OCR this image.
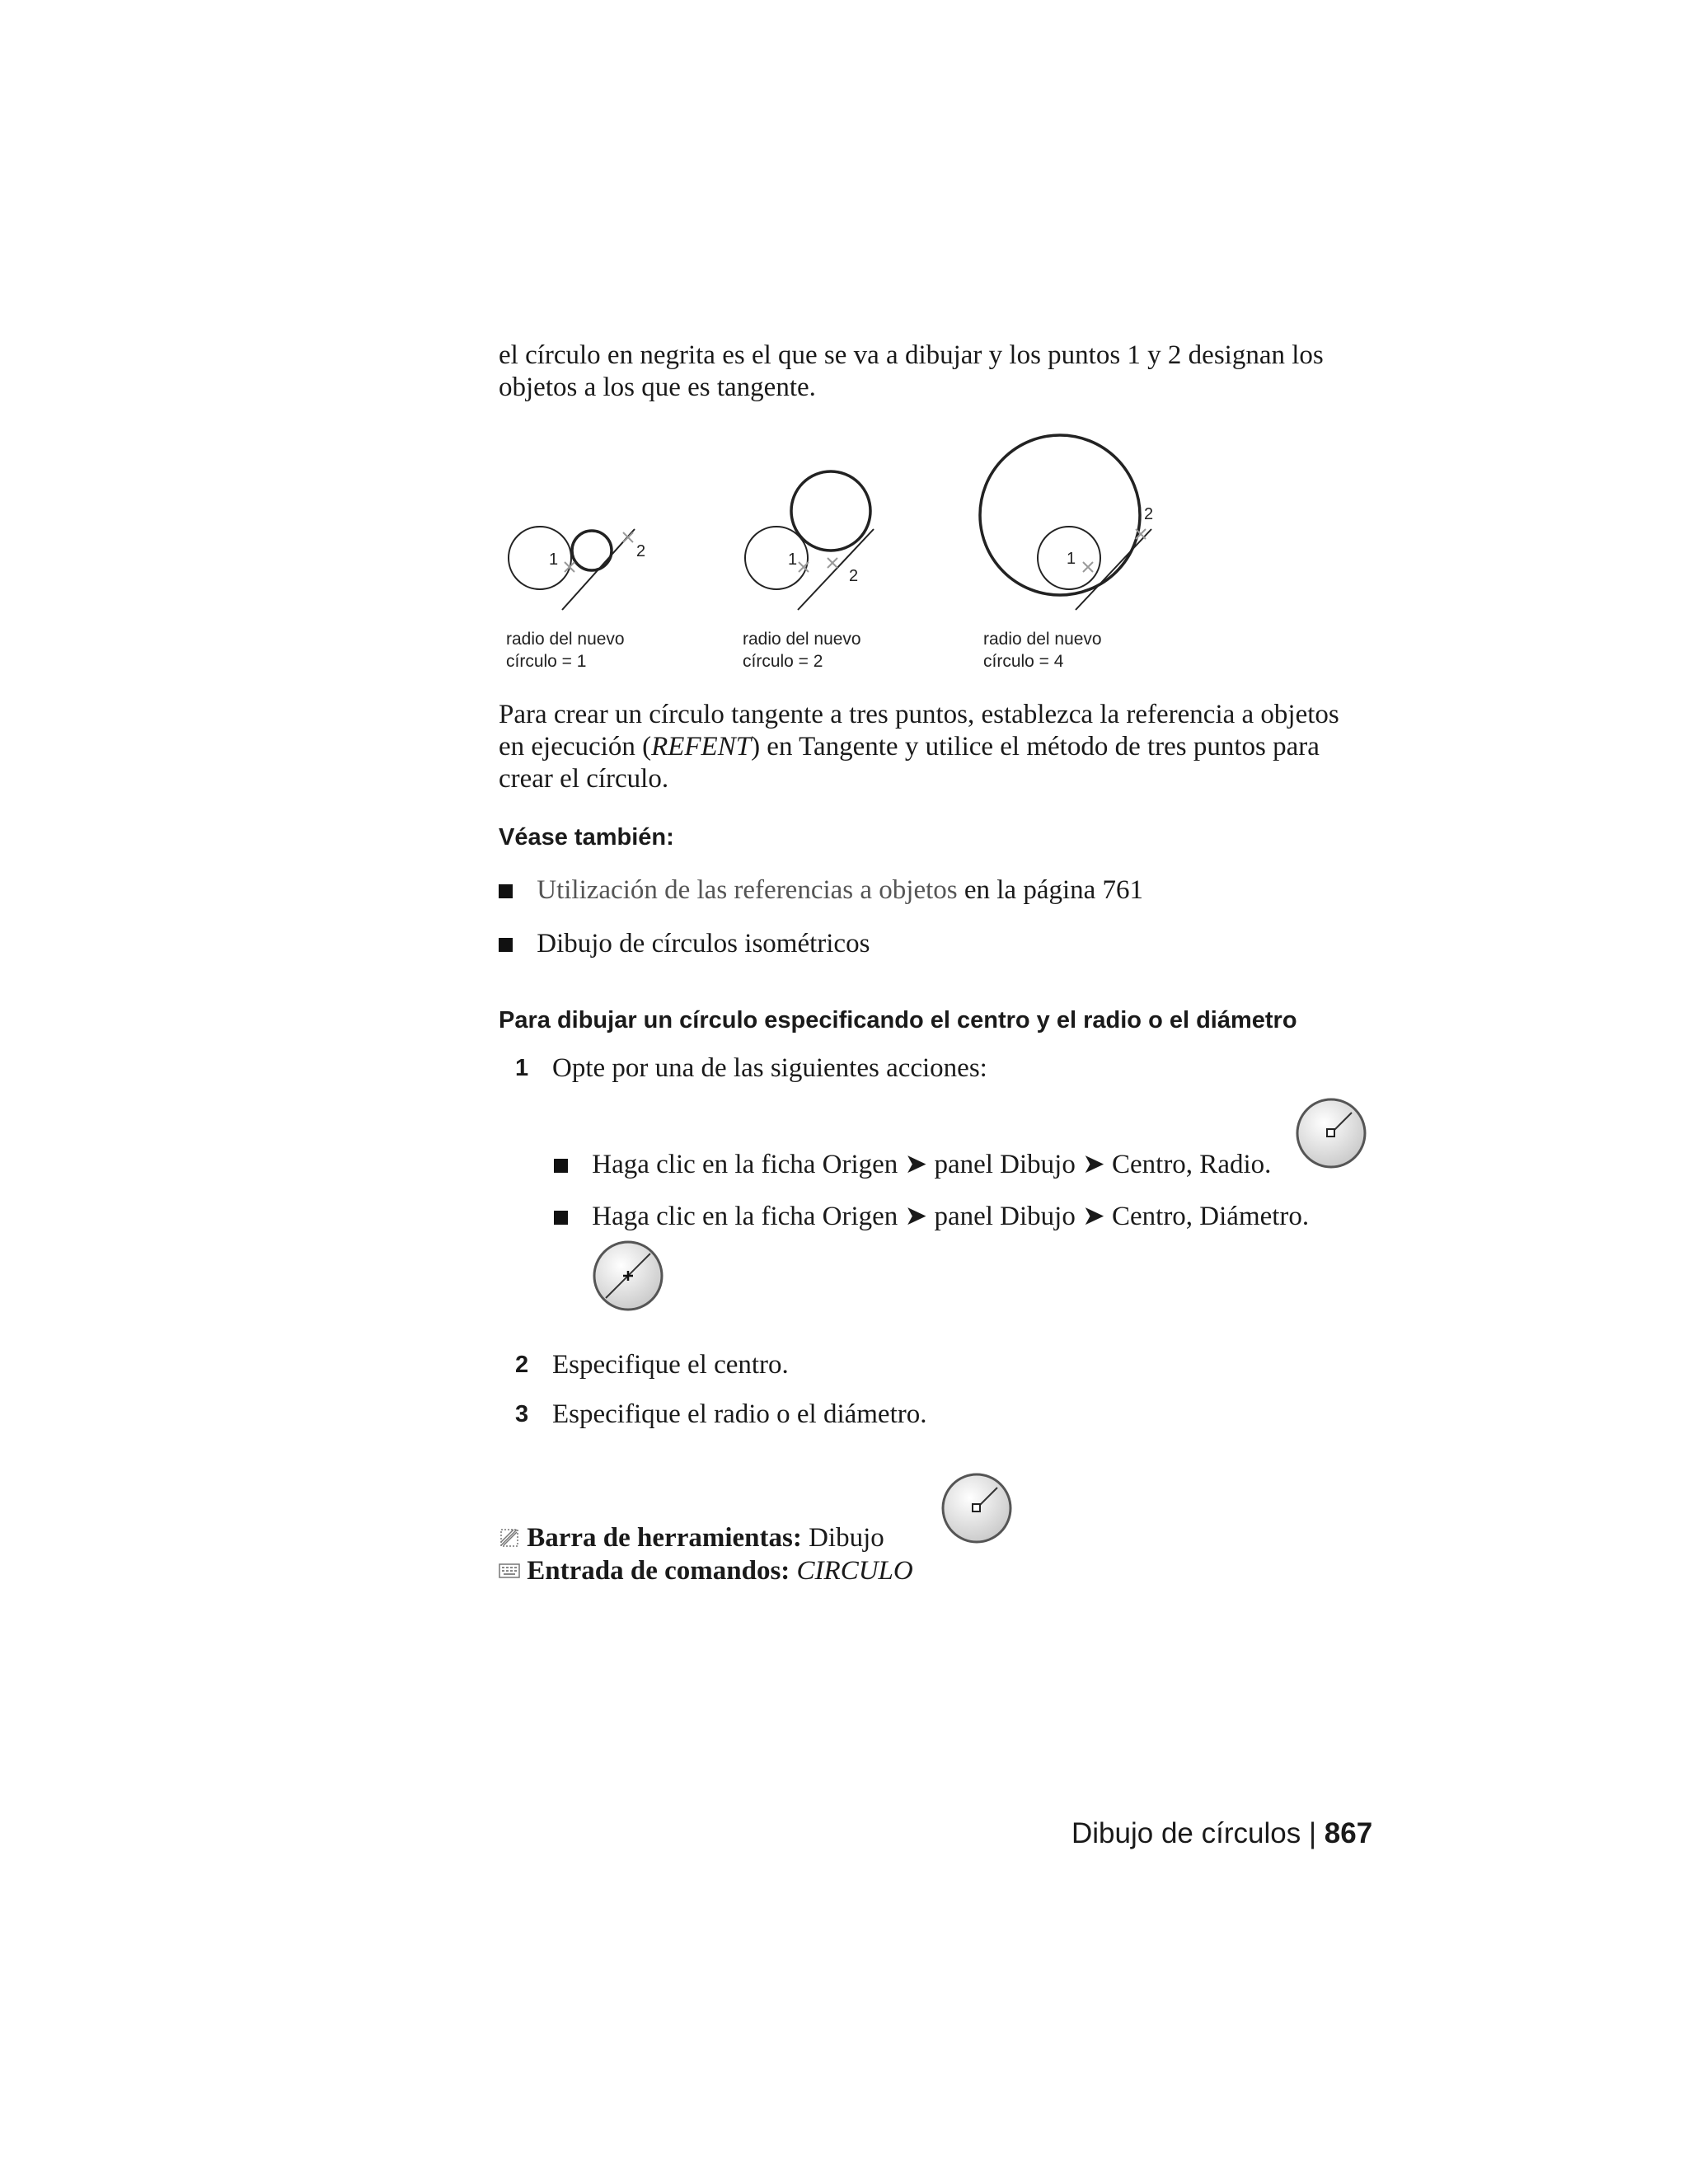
el círculo en negrita es el que se va a dibujar y los puntos 1 y 2 designan los
objetos a los que es tangente.
1	2	1
2
1
2
radio del nuevo
círculo = 1
radio del nuevo
círculo = 2
radio del nuevo
círculo = 4
Para crear un círculo tangente a tres puntos, establezca la referencia a objetos
en ejecución (REFENT) en Tangente y utilice el método de tres puntos para
crear el círculo.
Véase también:
Utilización de las referencias a objetos en la página 761
Dibujo de círculos isométricos
Para dibujar un círculo especificando el centro y el radio o el diámetro
1 Opte por una de las siguientes acciones:
Haga clic en la ficha Origen ➤ panel Dibujo ➤ Centro, Radio.
Haga clic en la ficha Origen ➤ panel Dibujo ➤ Centro, Diámetro.
2 Especifique el centro.
3 Especifique el radio o el diámetro.
Barra de herramientas: Dibujo
Entrada de comandos: CIRCULO
Dibujo de círculos | 867
